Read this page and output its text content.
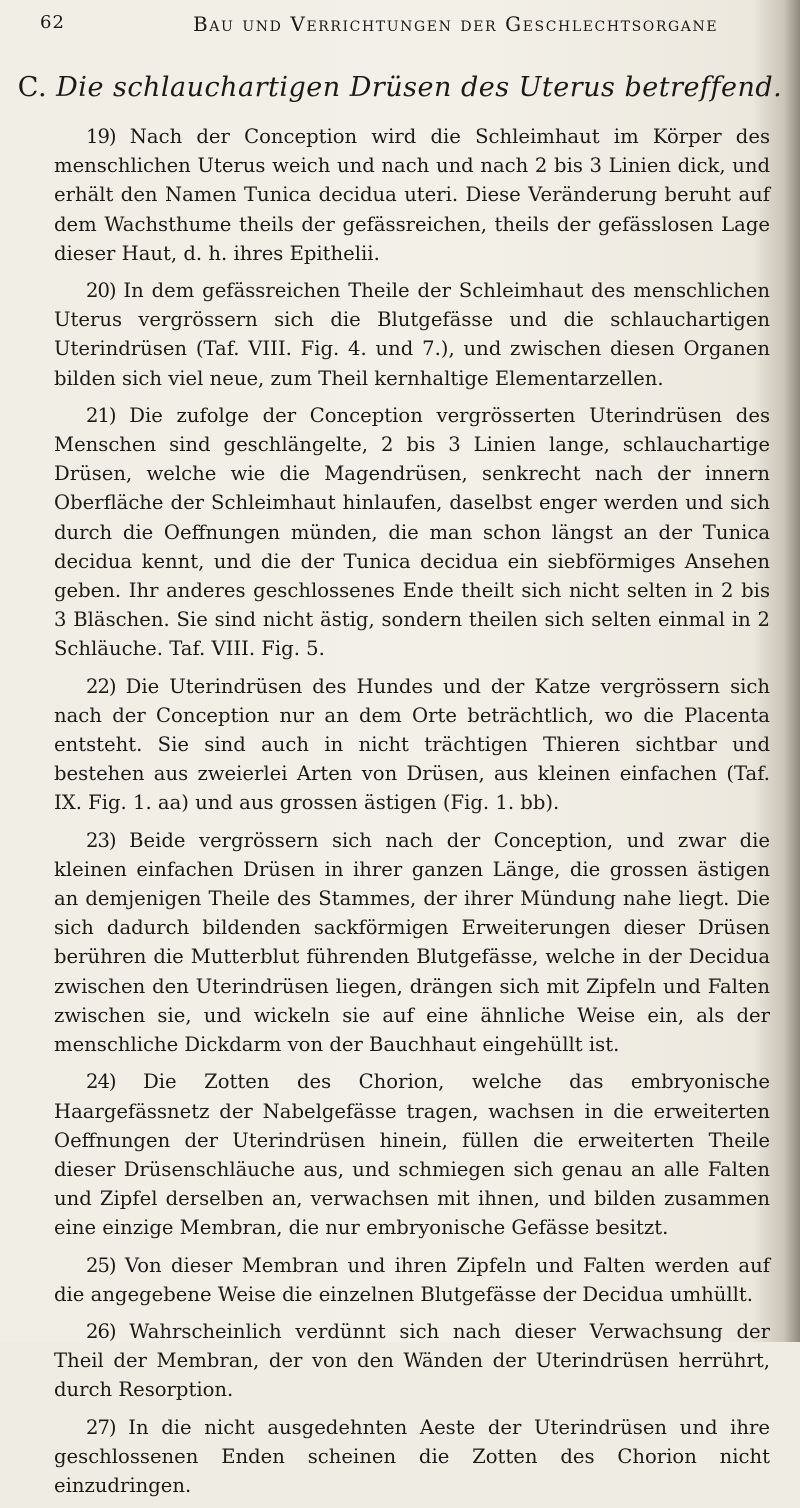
62	Bau und Verrichtungen der Geschlechtsorgane
C. Die schlauchartigen Drüsen des Uterus betreffend.

19) Nach der Conception wird die Schleimhaut im Körper des menschlichen Uterus weich und nach und nach 2 bis 3 Linien dick, und erhält den Namen Tunica decidua uteri. Diese Veränderung beruht auf dem Wachsthume theils der gefässreichen, theils der gefässlosen Lage dieser Haut, d. h. ihres Epithelii.

20) In dem gefässreichen Theile der Schleimhaut des menschlichen Uterus vergrössern sich die Blutgefässe und die schlauchartigen Uterindrüsen (Taf. VIII. Fig. 4. und 7.), und zwischen diesen Organen bilden sich viel neue, zum Theil kernhaltige Elementarzellen.

21) Die zufolge der Conception vergrösserten Uterindrüsen des Menschen sind geschlängelte, 2 bis 3 Linien lange, schlauchartige Drüsen, welche wie die Magendrüsen, senkrecht nach der innern Oberfläche der Schleimhaut hinlaufen, daselbst enger werden und sich durch die Oeffnungen münden, die man schon längst an der Tunica decidua kennt, und die der Tunica decidua ein siebförmiges Ansehen geben. Ihr anderes geschlossenes Ende theilt sich nicht selten in 2 bis 3 Bläschen. Sie sind nicht ästig, sondern theilen sich selten einmal in 2 Schläuche. Taf. VIII. Fig. 5.

22) Die Uterindrüsen des Hundes und der Katze vergrössern sich nach der Conception nur an dem Orte beträchtlich, wo die Placenta entsteht. Sie sind auch in nicht trächtigen Thieren sichtbar und bestehen aus zweierlei Arten von Drüsen, aus kleinen einfachen (Taf. IX. Fig. 1. aa) und aus grossen ästigen (Fig. 1. bb).

23) Beide vergrössern sich nach der Conception, und zwar die kleinen einfachen Drüsen in ihrer ganzen Länge, die grossen ästigen an demjenigen Theile des Stammes, der ihrer Mündung nahe liegt. Die sich dadurch bildenden sackförmigen Erweiterungen dieser Drüsen berühren die Mutterblut führenden Blutgefässe, welche in der Decidua zwischen den Uterindrüsen liegen, drängen sich mit Zipfeln und Falten zwischen sie, und wickeln sie auf eine ähnliche Weise ein, als der menschliche Dickdarm von der Bauchhaut eingehüllt ist.

24) Die Zotten des Chorion, welche das embryonische Haargefässnetz der Nabelgefässe tragen, wachsen in die erweiterten Oeffnungen der Uterindrüsen hinein, füllen die erweiterten Theile dieser Drüsenschläuche aus, und schmiegen sich genau an alle Falten und Zipfel derselben an, verwachsen mit ihnen, und bilden zusammen eine einzige Membran, die nur embryonische Gefässe besitzt.

25) Von dieser Membran und ihren Zipfeln und Falten werden auf die angegebene Weise die einzelnen Blutgefässe der Decidua umhüllt.

26) Wahrscheinlich verdünnt sich nach dieser Verwachsung der Theil der Membran, der von den Wänden der Uterindrüsen herrührt, durch Resorption.

27) In die nicht ausgedehnten Aeste der Uterindrüsen und ihre geschlossenen Enden scheinen die Zotten des Chorion nicht einzudringen.
